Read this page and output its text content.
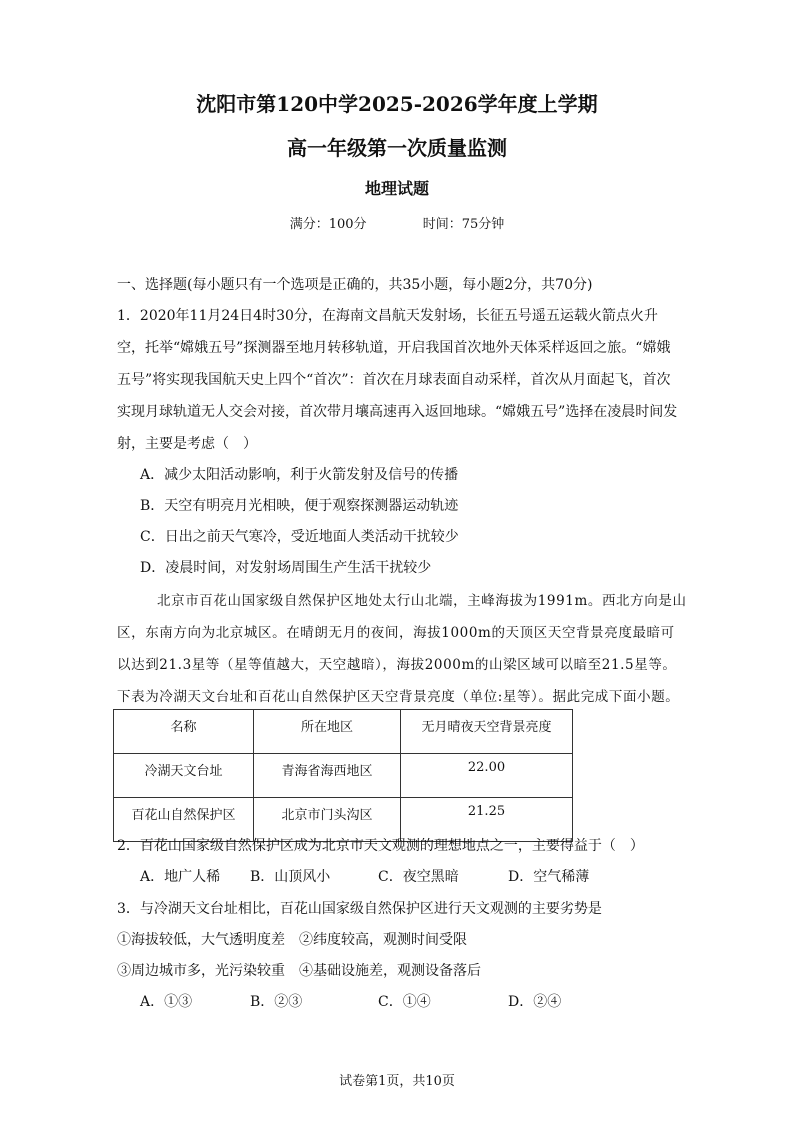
沈阳市第120中学2025-2026学年度上学期
高一年级第一次质量监测
地理试题
满分：100分	时间：75分钟
一、选择题(每小题只有一个选项是正确的，共35小题，每小题2分，共70分)
1．2020年11月24日4时30分，在海南文昌航天发射场，长征五号遥五运载火箭点火升
空，托举“嫦娥五号”探测器至地月转移轨道，开启我国首次地外天体采样返回之旅。“嫦娥
五号”将实现我国航天史上四个“首次”：首次在月球表面自动采样，首次从月面起飞，首次
实现月球轨道无人交会对接，首次带月壤高速再入返回地球。“嫦娥五号”选择在凌晨时间发
射，主要是考虑（　）
A．减少太阳活动影响，利于火箭发射及信号的传播
B．天空有明亮月光相映，便于观察探测器运动轨迹
C．日出之前天气寒冷，受近地面人类活动干扰较少
D．凌晨时间，对发射场周围生产生活干扰较少
北京市百花山国家级自然保护区地处太行山北端，主峰海拔为1991m。西北方向是山
区，东南方向为北京城区。在晴朗无月的夜间，海拔1000m的天顶区天空背景亮度最暗可
以达到21.3星等（星等值越大，天空越暗），海拔2000m的山梁区域可以暗至21.5星等。
下表为冷湖天文台址和百花山自然保护区天空背景亮度（单位:星等）。据此完成下面小题。
名称	所在地区	无月晴夜天空背景亮度
冷湖天文台址	青海省海西地区	22.00
百花山自然保护区	北京市门头沟区	21.25
2．百花山国家级自然保护区成为北京市天文观测的理想地点之一，主要得益于（　）
A．地广人稀 B．山顶风小	C．夜空黑暗	D．空气稀薄
3．与冷湖天文台址相比，百花山国家级自然保护区进行天文观测的主要劣势是
①海拔较低，大气透明度差　②纬度较高，观测时间受限
③周边城市多，光污染较重　④基础设施差，观测设备落后
A．①③	B．②③	C．①④	D．②④
试卷第1页，共10页
